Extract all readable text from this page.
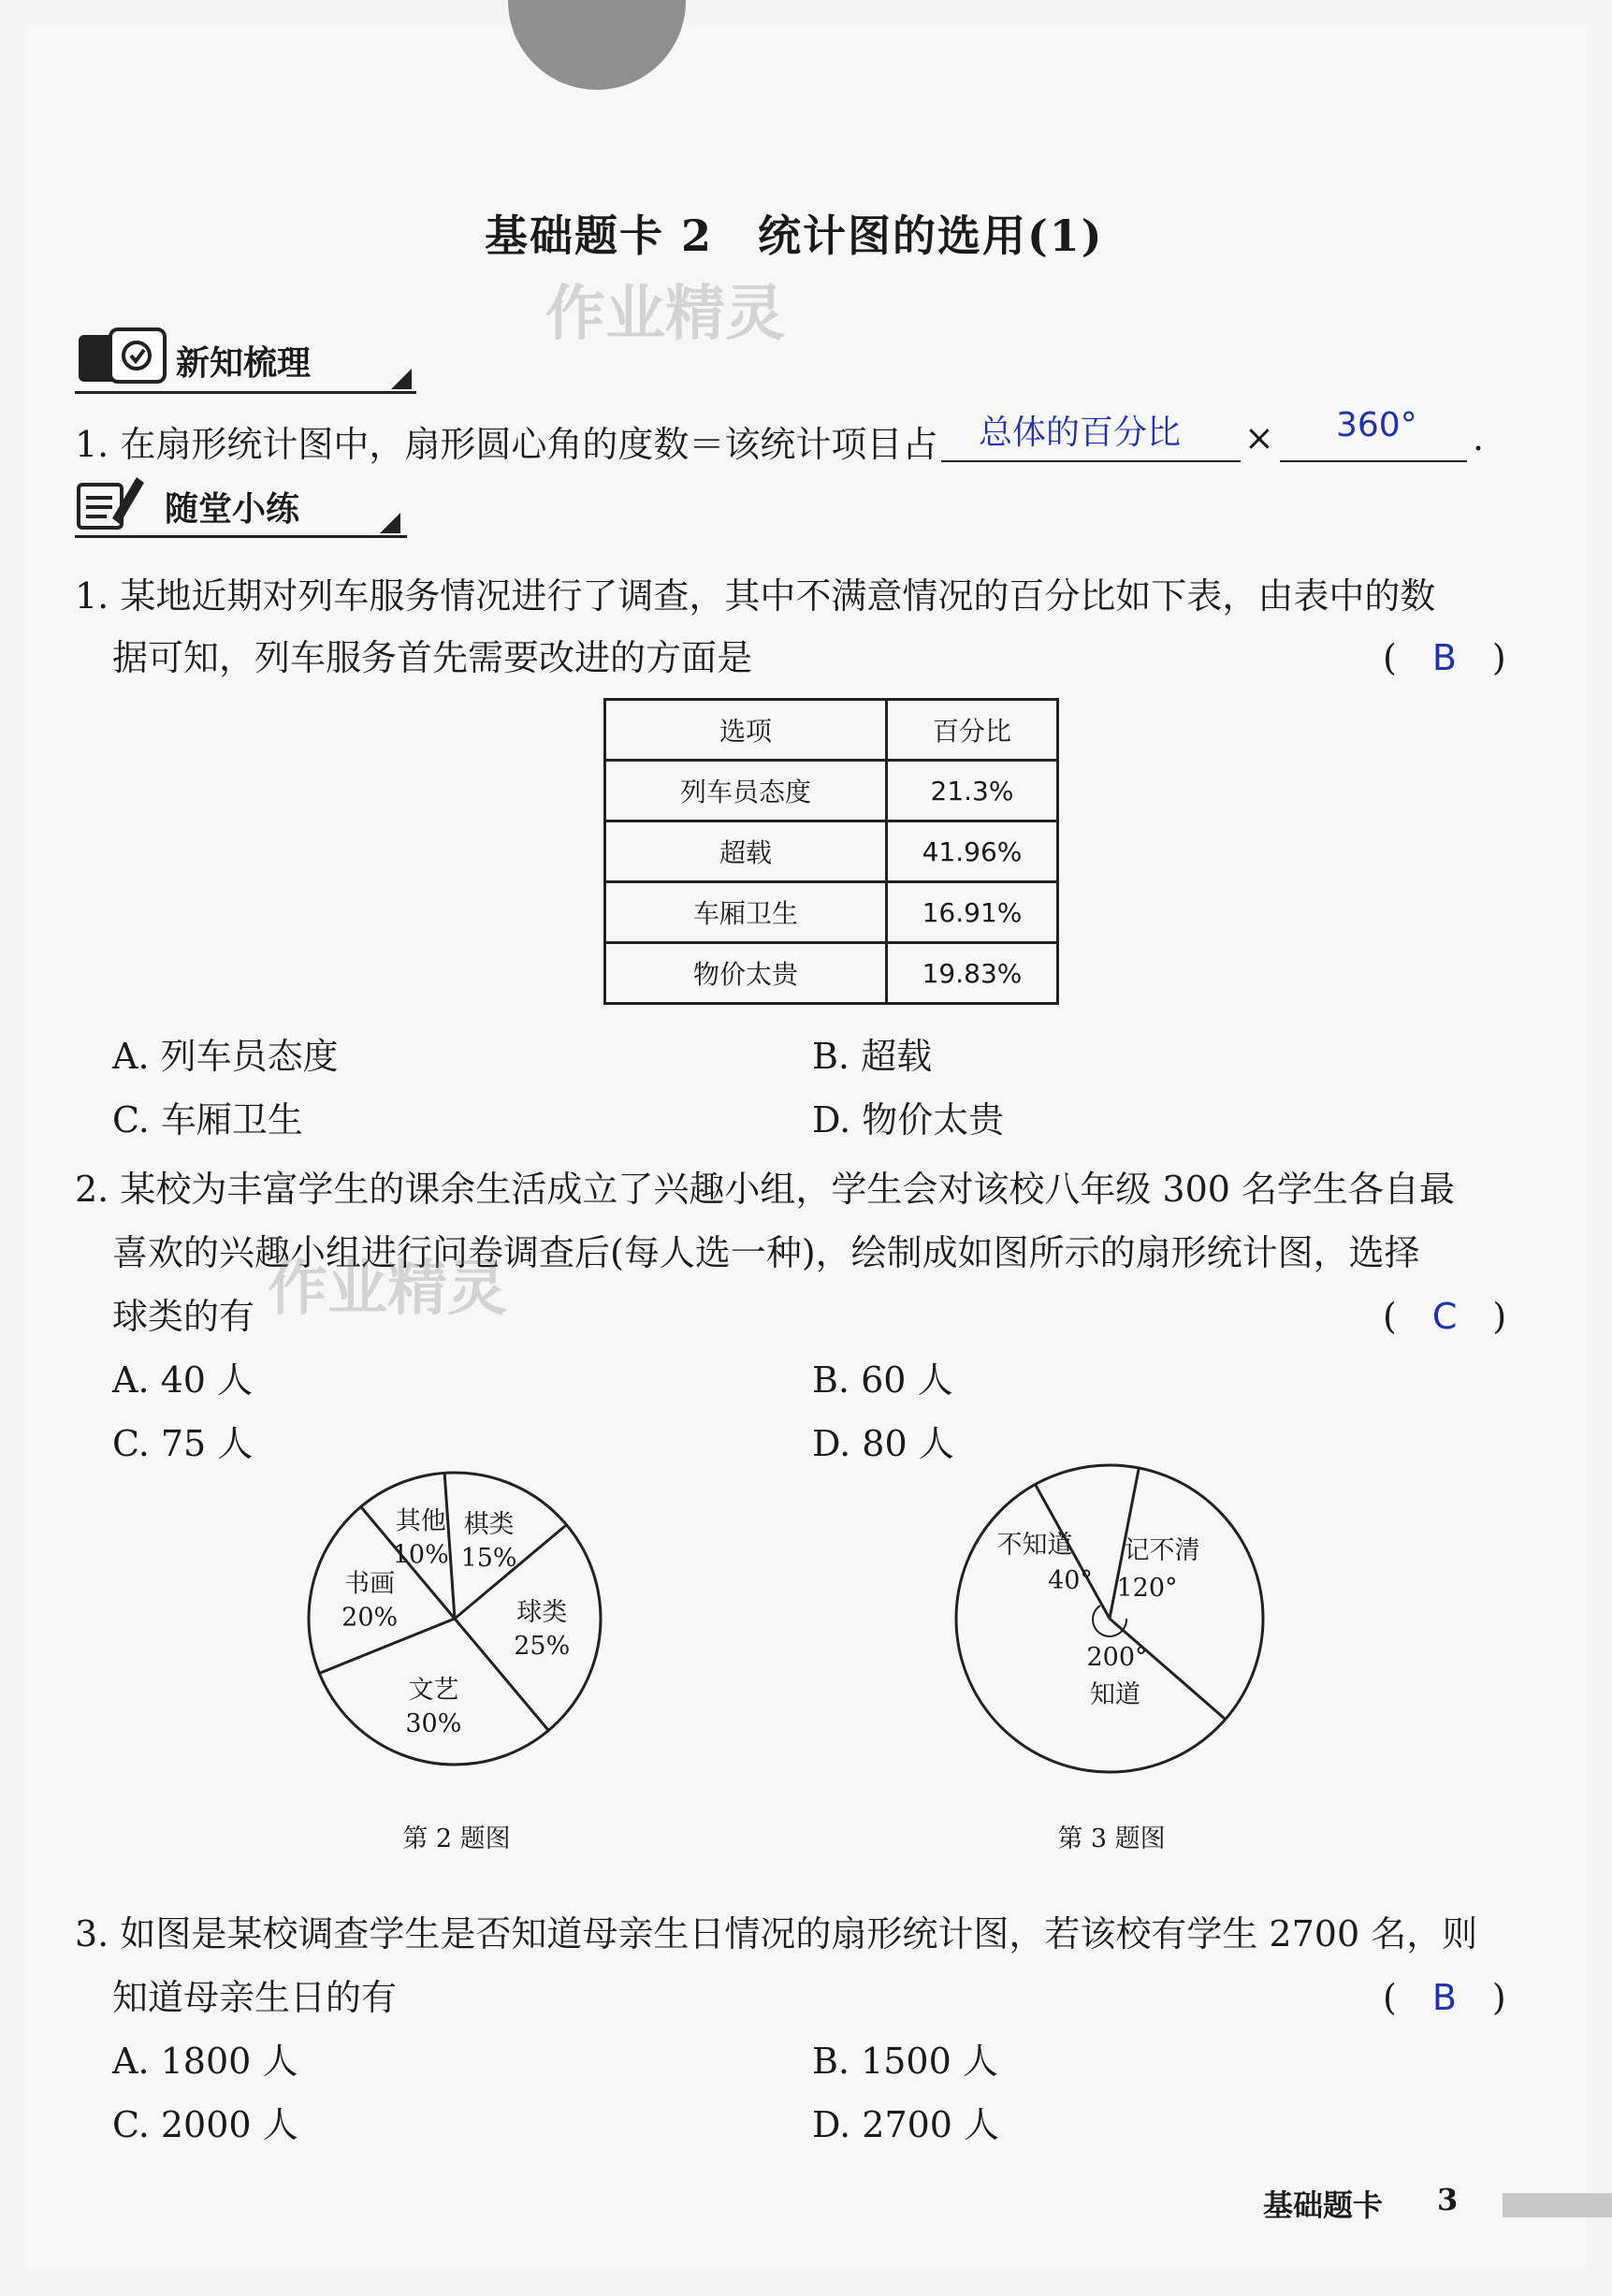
基础题卡 2　统计图的选用(1)
作业精灵
新知梳理
1. 在扇形统计图中，扇形圆心角的度数＝该统计项目占 总体的百分比 × 360° .
随堂小练
1. 某地近期对列车服务情况进行了调查，其中不满意情况的百分比如下表，由表中的数
据可知，列车服务首先需要改进的方面是	(　B　)
选项	百分比
列车员态度	21.3%
超载	41.96%
车厢卫生	16.91%
物价太贵	19.83%
A. 列车员态度	B. 超载
C. 车厢卫生	D. 物价太贵
2. 某校为丰富学生的课余生活成立了兴趣小组，学生会对该校八年级 300 名学生各自最
喜欢的兴趣小组进行问卷调查后(每人选一种)，绘制成如图所示的扇形统计图，选择
球类的有	(　C　)
A. 40 人	B. 60 人
C. 75 人	D. 80 人
作业精灵
其他
10%
棋类
15%
球类
25%
文艺
30%
书画
20%
第 2 题图
不知道
40°
记不清
120°
200°
知道
第 3 题图
3. 如图是某校调查学生是否知道母亲生日情况的扇形统计图，若该校有学生 2700 名，则
知道母亲生日的有	(　B　)
A. 1800 人	B. 1500 人
C. 2000 人	D. 2700 人
基础题卡 3
